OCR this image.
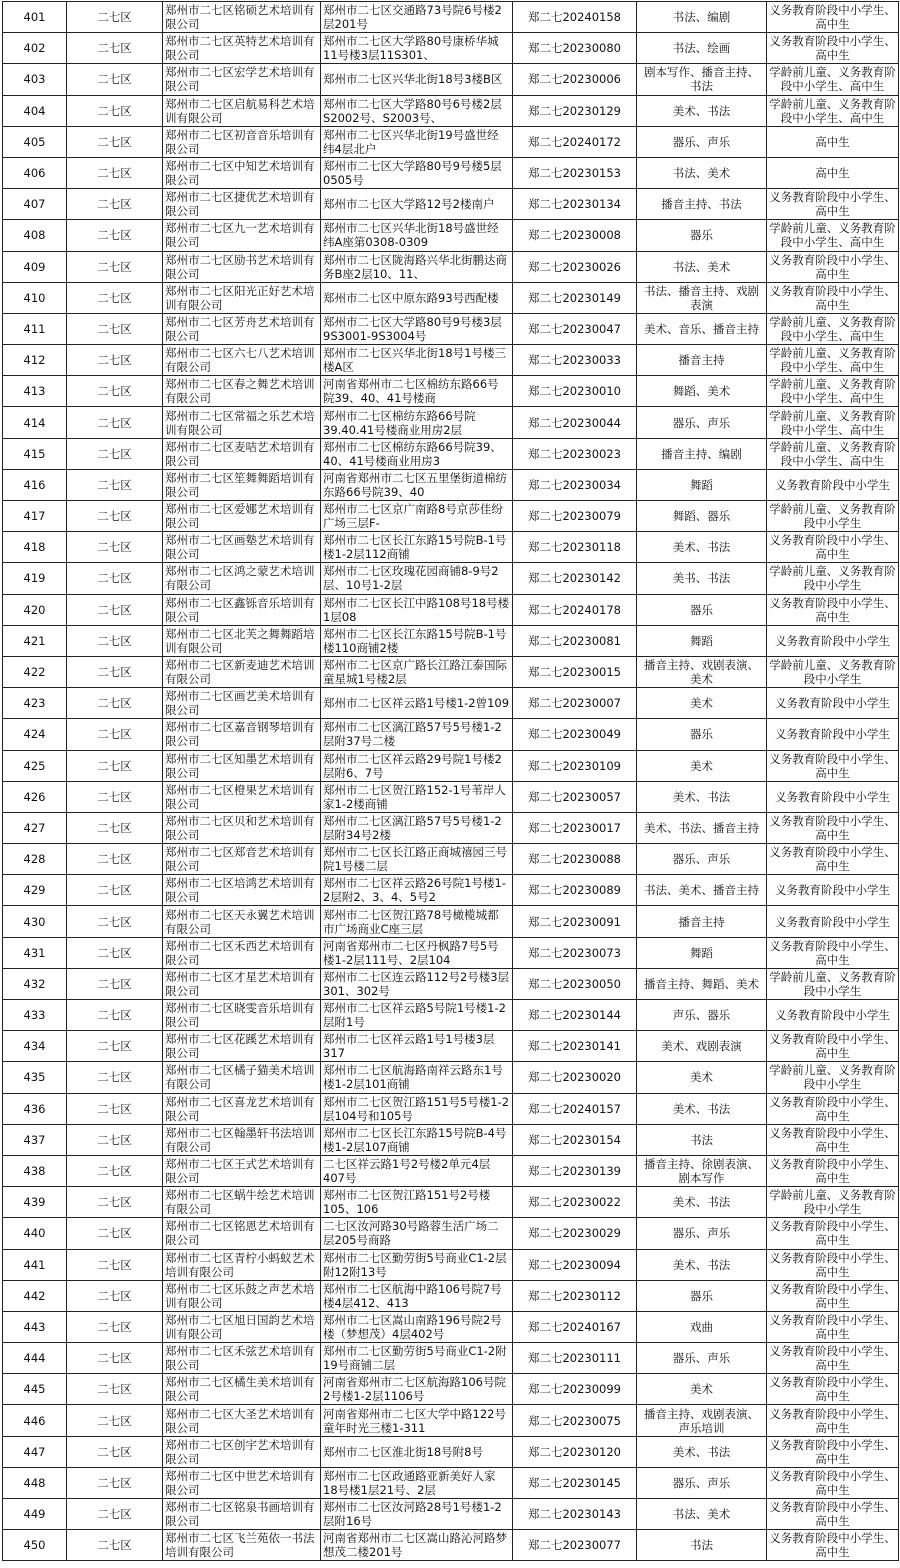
401	二七区	郑州市二七区铭硕艺术培训有限公司	郑州市二七区交通路73号院6号楼2层201号	郑二七20240158	书法、编剧	义务教育阶段中小学生、高中生

402	二七区	郑州市二七区英特艺术培训有限公司	郑州市二七区大学路80号康桥华城11号楼3层11S301、	郑二七20230080	书法、绘画	义务教育阶段中小学生、高中生

403	二七区	郑州市二七区宏学艺术培训有限公司	郑州市二七区兴华北街18号3楼B区	郑二七20230006	剧本写作、播音主持、书法	学龄前儿童、义务教育阶段中小学生、高中生

404	二七区	郑州市二七区启航易科艺术培训有限公司	郑州市二七区大学路80号6号楼2层S2002号、S2003号、	郑二七20230129	美术、书法	学龄前儿童、义务教育阶段中小学生、高中生

405	二七区	郑州市二七区初音音乐培训有限公司	郑州市二七区兴华北街19号盛世经纬4层北户	郑二七20240172	器乐、声乐	高中生

406	二七区	郑州市二七区中知艺术培训有限公司	郑州市二七区大学路80号9号楼5层0505号	郑二七20230153	书法、美术	高中生

407	二七区	郑州市二七区捷优艺术培训有限公司	郑州市二七区大学路12号2楼南户	郑二七20230134	播音主持、书法	义务教育阶段中小学生、高中生

408	二七区	郑州市二七区九一艺术培训有限公司	郑州市二七区兴华北街18号盛世经纬A座第0308-0309	郑二七20230008	器乐	学龄前儿童、义务教育阶段中小学生、高中生

409	二七区	郑州市二七区励书艺术培训有限公司	郑州市二七区陇海路兴华北街鹏达商务B座2层10、11、	郑二七20230026	书法、美术	义务教育阶段中小学生、高中生

410	二七区	郑州市二七区阳光正好艺术培训有限公司	郑州市二七区中原东路93号西配楼	郑二七20230149	书法、播音主持、戏剧表演	义务教育阶段中小学生、高中生

411	二七区	郑州市二七区芳舟艺术培训有限公司	郑州市二七区大学路80号9号楼3层9S3001-9S3004号	郑二七20230047	美术、音乐、播音主持	学龄前儿童、义务教育阶段中小学生、高中生

412	二七区	郑州市二七区六七八艺术培训有限公司	郑州市二七区兴华北街18号1号楼三楼A区	郑二七20230033	播音主持	学龄前儿童、义务教育阶段中小学生、高中生

413	二七区	郑州市二七区春之舞艺术培训有限公司	河南省郑州市二七区棉纺东路66号院39、40、41号楼商	郑二七20230010	舞蹈、美术	学龄前儿童、义务教育阶段中小学生、高中生

414	二七区	郑州市二七区常福之乐艺术培训有限公司	郑州市二七区棉纺东路66号院39.40.41号楼商业用房2层	郑二七20230044	器乐、声乐	学龄前儿童、义务教育阶段中小学生、高中生

415	二七区	郑州市二七区麦咭艺术培训有限公司	郑州市二七区棉纺东路66号院39、40、41号楼商业用房3	郑二七20230023	播音主持、编剧	学龄前儿童、义务教育阶段中小学生、高中生

416	二七区	郑州市二七区笙舞舞蹈培训有限公司	河南省郑州市二七区五里堡街道棉纺东路66号院39、40	郑二七20230034	舞蹈	义务教育阶段中小学生

417	二七区	郑州市二七区爱娜艺术培训有限公司	郑州市二七区京广南路8号京莎佳纷广场三层F-	郑二七20230079	舞蹈、器乐	学龄前儿童、义务教育阶段中小学生

418	二七区	郑州市二七区画塾艺术培训有限公司	郑州市二七区长江东路15号院B-1号楼1-2层112商铺	郑二七20230118	美术、书法	义务教育阶段中小学生、高中生

419	二七区	郑州市二七区鸿之蒙艺术培训有限公司	郑州市二七区玫瑰花园商铺8-9号2层、10号1-2层	郑二七20230142	美书、书法	学龄前儿童、义务教育阶段中小学生

420	二七区	郑州市二七区鑫铄音乐培训有限公司	郑州市二七区长江中路108号18号楼1层08	郑二七20240178	器乐	义务教育阶段中小学生、高中生

421	二七区	郑州市二七区北芙之舞舞蹈培训有限公司	郑州市二七区长江东路15号院B-1号楼110商铺2楼	郑二七20230081	舞蹈	义务教育阶段中小学生

422	二七区	郑州市二七区新麦迪艺术培训有限公司	郑州市二七区京广路长江路江泰国际童星城1号楼2层	郑二七20230015	播音主持、戏剧表演、美术	学龄前儿童、义务教育阶段中小学生

423	二七区	郑州市二七区画艺美术培训有限公司	郑州市二七区祥云路1号楼1-2曾109	郑二七20230007	美术	义务教育阶段中小学生

424	二七区	郑州市二七区嘉音钢琴培训有限公司	郑州市二七区漓江路57号5号楼1-2层附37号二楼	郑二七20230049	器乐	义务教育阶段中小学生

425	二七区	郑州市二七区知墨艺术培训有限公司	郑州市二七区祥云路29号院1号楼2层附6、7号	郑二七20230109	美术	义务教育阶段中小学生、高中生

426	二七区	郑州市二七区橙果艺术培训有限公司	郑州市二七区贺江路152-1号苇岸人家1-2楼商铺	郑二七20230057	美术、书法	义务教育阶段中小学生

427	二七区	郑州市二七区贝和艺术培训有限公司	郑州市二七区漓江路57号5号楼1-2层附34号2楼	郑二七20230017	美术、书法、播音主持	义务教育阶段中小学生、高中生

428	二七区	郑州市二七区郑音艺术培训有限公司	郑州市二七区长江路正商城禧园三号院1号楼二层	郑二七20230088	器乐、声乐	义务教育阶段中小学生、高中生

429	二七区	郑州市二七区培鸿艺术培训有限公司	郑州市二七区祥云路26号院1号楼1-2层附2、3、4、5号2	郑二七20230089	书法、美术、播音主持	义务教育阶段中小学生

430	二七区	郑州市二七区天永翼艺术培训有限公司	郑州市二七区贺江路78号橄榄城都市广场商业C座三层	郑二七20230091	播音主持	义务教育阶段中小学生

431	二七区	郑州市二七区禾西艺术培训有限公司	河南省郑州市二七区丹枫路7号5号楼1-2层111号、2层104	郑二七20230073	舞蹈	义务教育阶段中小学生、高中生

432	二七区	郑州市二七区才星艺术培训有限公司	郑州市二七区连云路112号2号楼3层301、302号	郑二七20230050	播音主持、舞蹈、美术	学龄前儿童、义务教育阶段中小学生

433	二七区	郑州市二七区晓雯音乐培训有限公司	郑州市二七区祥云路5号院1号楼1-2层附1号	郑二七20230144	声乐、器乐	义务教育阶段中小学生

434	二七区	郑州市二七区花蹊艺术培训有限公司	郑州市二七区祥云路1号1号楼3层317	郑二七20230141	美术、戏剧表演	义务教育阶段中小学生、高中生

435	二七区	郑州市二七区橘子猫美术培训有限公司	郑州市二七区航海路南祥云路东1号楼1-2层101商铺	郑二七20230020	美术	学龄前儿童、义务教育阶段中小学生

436	二七区	郑州市二七区喜龙艺术培训有限公司	郑州市二七区贺江路151号5号楼1-2层104号和105号	郑二七20240157	美术、书法	义务教育阶段中小学生、高中生

437	二七区	郑州市二七区翰墨轩书法培训有限公司	郑州市二七区长江东路15号院B-4号楼1-2层107商铺	郑二七20230154	书法	义务教育阶段中小学生、高中生

438	二七区	郑州市二七区王式艺术培训有限公司	二七区祥云路1号2号楼2单元4层407号	郑二七20230139	播音主持、徐剧表演、剧本写作	义务教育阶段中小学生、高中生

439	二七区	郑州市二七区蜗牛绘艺术培训有限公司	郑州市二七区贺江路151号2号楼105、106	郑二七20230022	美术、书法	学龄前儿童、义务教育阶段中小学生

440	二七区	郑州市二七区铭恩艺术培训有限公司	二七区汝河路30号路蓉生活广场二层205号商路	郑二七20230029	器乐、声乐	义务教育阶段中小学生、高中生

441	二七区	郑州市二七区青柠小蚂蚁艺术培训有限公司	郑州市二七区勤劳街5号商业C1-2层附12附13号	郑二七20230094	美术、书法	义务教育阶段中小学生、高中生

442	二七区	郑州市二七区乐鼓之声艺术培训有限公司	郑州市二七区航海中路106号院7号楼4层412、413	郑二七20230112	器乐	义务教育阶段中小学生、高中生

443	二七区	郑州市二七区旭日国韵艺术培训有限公司	郑州市二七区嵩山南路196号院2号楼（梦想茂）4层402号	郑二七20240167	戏曲	义务教育阶段中小学生、高中生

444	二七区	郑州市二七区禾弦艺术培训有限公司	郑州市二七区勤劳街5号商业C1-2附19号商铺二层	郑二七20230111	器乐、声乐	义务教育阶段中小学生、高中生

445	二七区	郑州市二七区橘生美术培训有限公司	河南省郑州市二七区航海路106号院2号楼1-2层1106号	郑二七20230099	美术	义务教育阶段中小学生、高中生

446	二七区	郑州市二七区大圣艺术培训有限公司	河南省郑州市二七区大学中路122号童年时光三楼1-311	郑二七20230075	播音主持、戏剧表演、声乐培训	义务教育阶段中小学生、高中生

447	二七区	郑州市二七区创宇艺术培训有限公司	郑州市二七区淮北街18号附8号	郑二七20230120	美术、书法	义务教育阶段中小学生、高中生

448	二七区	郑州市二七区中世艺术培训有限公司	郑州市二七区政通路亚新美好人家18号楼1层21号、2层	郑二七20230145	器乐、声乐	义务教育阶段中小学生、高中生

449	二七区	郑州市二七区铭泉书画培训有限公司	郑州市二七区汝河路28号1号楼1-2层附16号	郑二七20230143	书法、美术	义务教育阶段中小学生、高中生

450	二七区	郑州市二七区飞兰苑依一书法培训有限公司	河南省郑州市二七区嵩山路沁河路梦想茂二楼201号	郑二七20230077	书法	义务教育阶段中小学生、高中生
